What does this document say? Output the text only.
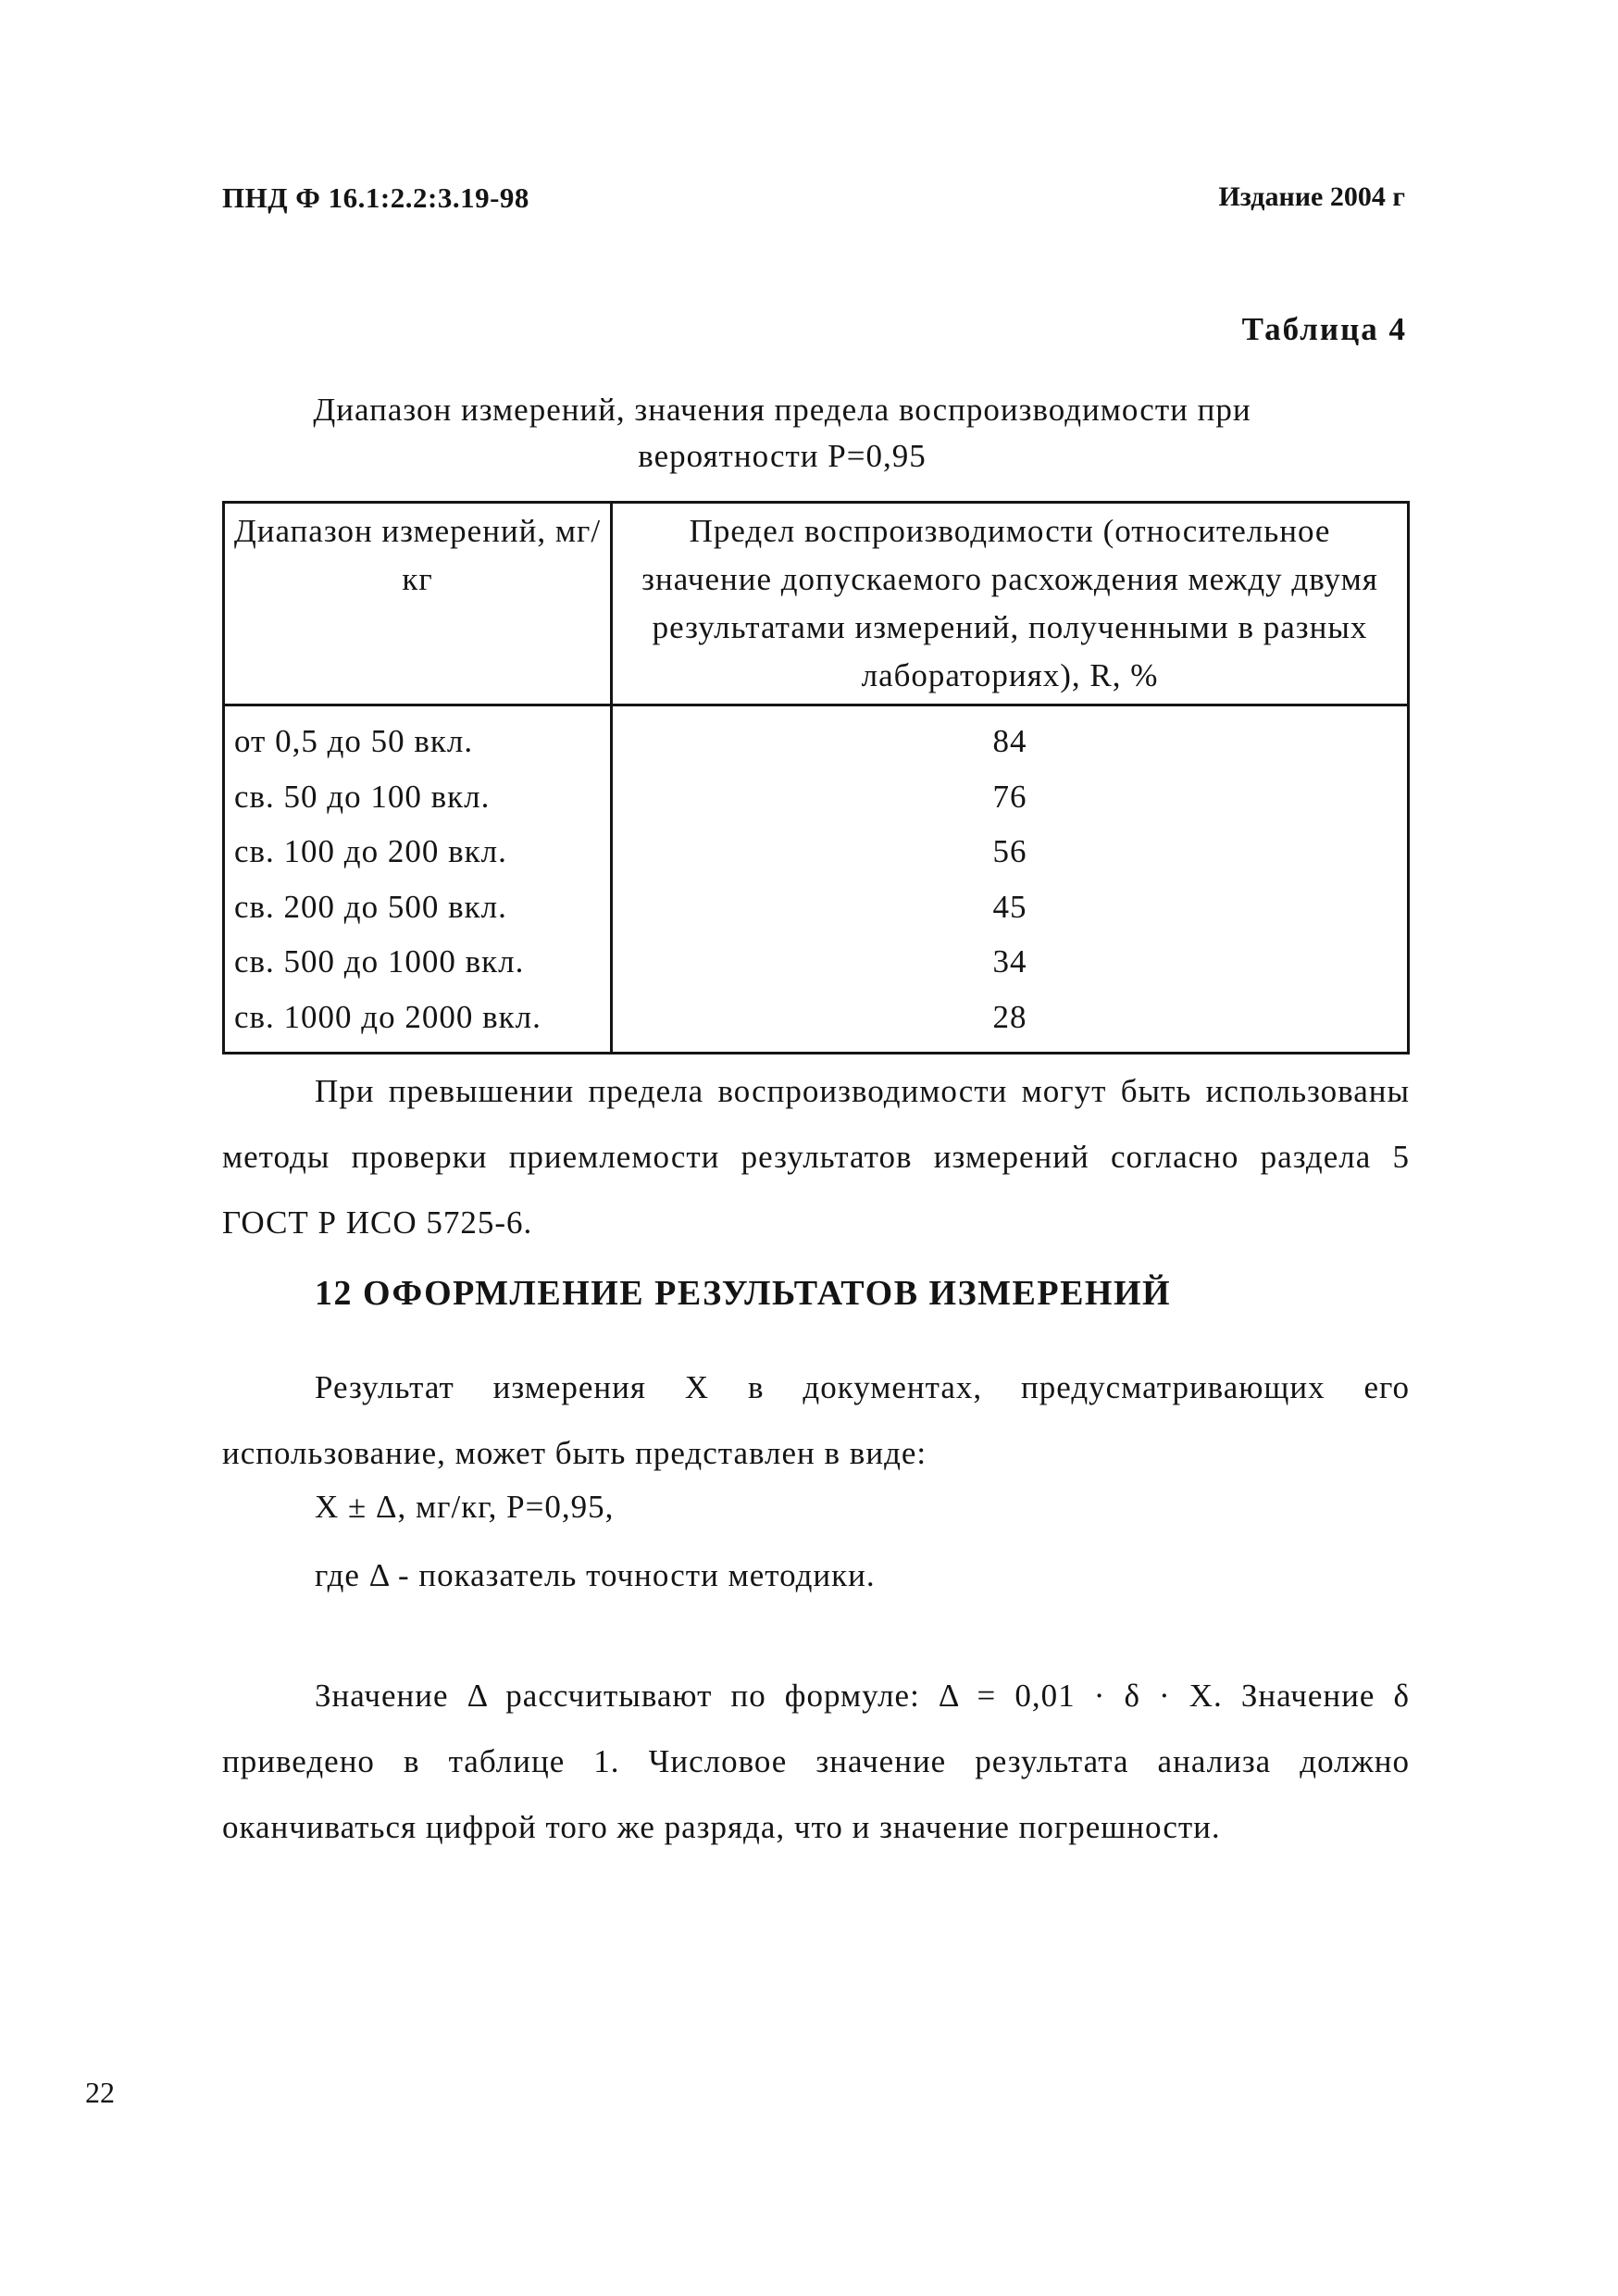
ПНД Ф 16.1:2.2:3.19-98	Издание 2004 г
Таблица 4
Диапазон измерений, значения предела воспроизводимости при вероятности Р=0,95
Диапазон измерений, мг/кг	Предел воспроизводимости (относительное значение допускаемого расхождения между двумя результатами измерений, полученными в разных лабораториях), R, %
от 0,5 до 50 вкл.	84
св. 50 до 100 вкл.	76
св. 100 до 200 вкл.	56
св. 200 до 500 вкл.	45
св. 500 до 1000 вкл.	34
св. 1000 до 2000 вкл.	28
При превышении предела воспроизводимости могут быть использованы методы проверки приемлемости результатов измерений согласно раздела 5 ГОСТ Р ИСО 5725-6.
12 ОФОРМЛЕНИЕ РЕЗУЛЬТАТОВ ИЗМЕРЕНИЙ
Результат измерения Х в документах, предусматривающих его использование, может быть представлен в виде:
Х ± Δ, мг/кг, Р=0,95,
где Δ - показатель точности методики.
Значение Δ рассчитывают по формуле: Δ = 0,01 · δ · Х. Значение δ приведено в таблице 1. Числовое значение результата анализа должно оканчиваться цифрой того же разряда, что и значение погрешности.
22
